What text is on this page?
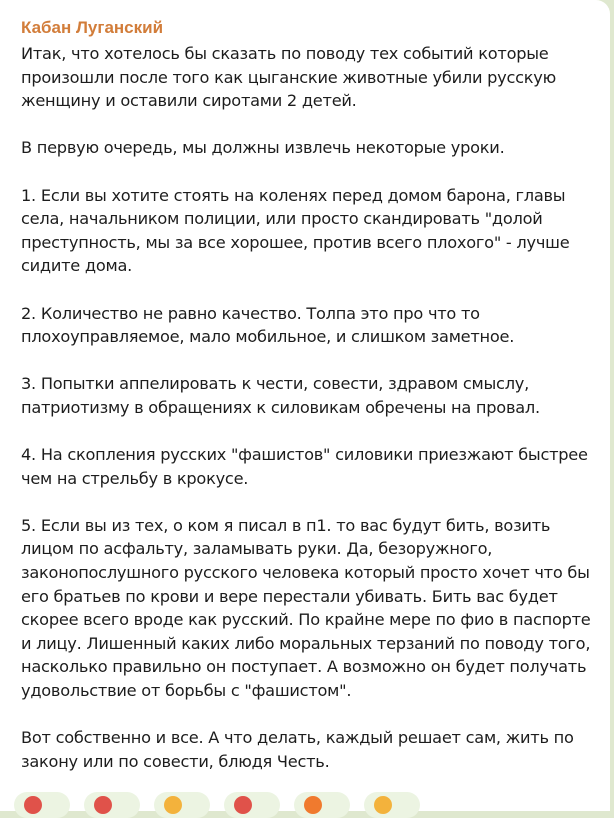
Кабан Луганский

Итак, что хотелось бы сказать по поводу тех событий которые произошли после того как цыганские животные убили русскую женщину и оставили сиротами 2 детей.

В первую очередь, мы должны извлечь некоторые уроки.

1. Если вы хотите стоять на коленях перед домом барона, главы села, начальником полиции, или просто скандировать "долой преступность, мы за все хорошее, против всего плохого" - лучше сидите дома.

2. Количество не равно качество. Толпа это про что то плохоуправляемое, мало мобильное, и слишком заметное.

3. Попытки аппелировать к чести, совести, здравом смыслу, патриотизму в обращениях к силовикам обречены на провал.

4. На скопления русских "фашистов" силовики приезжают быстрее чем на стрельбу в крокусе.

5. Если вы из тех, о ком я писал в п1. то вас будут бить, возить лицом по асфальту, заламывать руки. Да, безоружного, законопослушного русского человека который просто хочет что бы его братьев по крови и вере перестали убивать. Бить вас будет скорее всего вроде как русский. По крайне мере по фио в паспорте и лицу. Лишенный каких либо моральных терзаний по поводу того, насколько правильно он поступает. А возможно он будет получать удовольствие от борьбы с "фашистом".

Вот собственно и все. А что делать, каждый решает сам, жить по закону или по совести, блюдя Честь.
